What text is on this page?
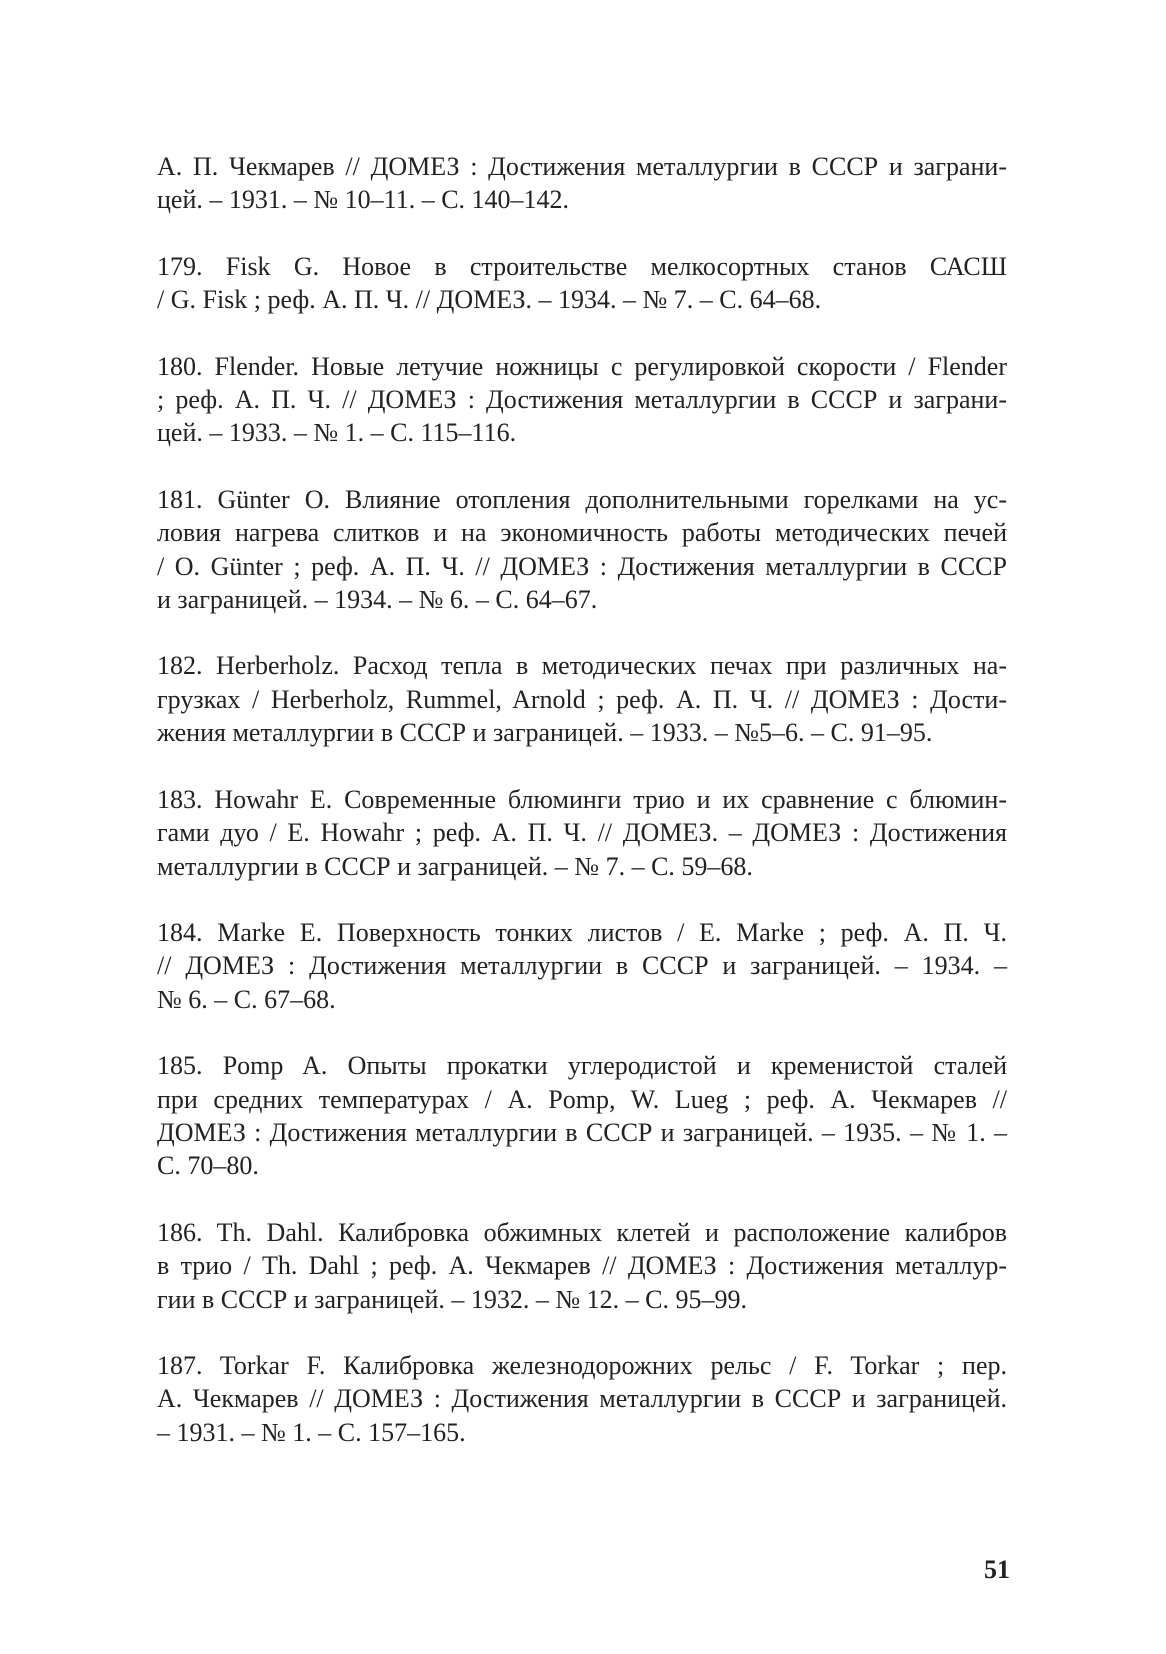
А. П. Чекмарев // ДОМЕЗ : Достижения металлургии в СССР и заграни-
цей. – 1931. – № 10–11. – С. 140–142.

179. Fisk G. Новое в строительстве мелкосортных станов САСШ
/ G. Fisk ; реф. А. П. Ч. // ДОМЕЗ. – 1934. – № 7. – С. 64–68.

180. Flender. Новые летучие ножницы с регулировкой скорости / Flender
; реф. А. П. Ч. // ДОМЕЗ : Достижения металлургии в СССР и заграни-
цей. – 1933. – № 1. – С. 115–116.

181. Günter O. Влияние отопления дополнительными горелками на ус-
ловия нагрева слитков и на экономичность работы методических печей
/ O. Günter ; реф. А. П. Ч. // ДОМЕЗ : Достижения металлургии в СССР
и заграницей. – 1934. – № 6. – С. 64–67.

182. Herberholz. Расход тепла в методических печах при различных на-
грузках / Herberholz, Rummel, Arnold ; реф. А. П. Ч. // ДОМЕЗ : Дости-
жения металлургии в СССР и заграницей. – 1933. – №5–6. – С. 91–95.

183. Howahr E. Современные блюминги трио и их сравнение с блюмин-
гами дуо / E. Howahr ; реф. А. П. Ч. // ДОМЕЗ. – ДОМЕЗ : Достижения
металлургии в СССР и заграницей. – № 7. – С. 59–68.

184. Marke E. Поверхность тонких листов / E. Marke ; реф. А. П. Ч.
// ДОМЕЗ : Достижения металлургии в СССР и заграницей. – 1934. –
№ 6. – С. 67–68.

185. Pomp A. Опыты прокатки углеродистой и кременистой сталей
при средних температурах / A. Pomp, W. Lueg ; реф. А. Чекмарев //
ДОМЕЗ : Достижения металлургии в СССР и заграницей. – 1935. – № 1. –
С. 70–80.

186. Th. Dahl. Калибровка обжимных клетей и расположение калибров
в трио / Th. Dahl ; реф. А. Чекмарев // ДОМЕЗ : Достижения металлур-
гии в СССР и заграницей. – 1932. – № 12. – С. 95–99.

187. Torkar F. Калибровка железнодорожних рельс / F. Torkar ; пер.
А. Чекмарев // ДОМЕЗ : Достижения металлургии в СССР и заграницей.
– 1931. – № 1. – С. 157–165.

51
